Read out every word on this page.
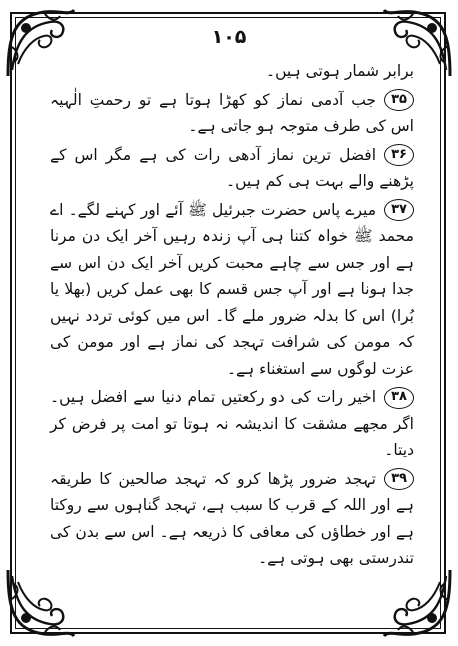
۱۰۵

برابر شمار ہوتی ہیں۔

۳۵جب آدمی نماز کو کھڑا ہوتا ہے تو رحمتِ الٰہیہ اس کی طرف متوجہ ہو جاتی ہے۔

۳۶افضل ترین نماز آدھی رات کی ہے مگر اس کے پڑھنے والے بہت ہی کم ہیں۔

۳۷میرے پاس حضرت جبرئیل ﷺ آئے اور کہنے لگے۔ اے محمد ﷺ خواہ کتنا ہی آپ زندہ رہیں آخر ایک دن مرنا ہے اور جس سے چاہے محبت کریں آخر ایک دن اس سے جدا ہونا ہے اور آپ جس قسم کا بھی عمل کریں (بھلا یا بُرا) اس کا بدلہ ضرور ملے گا۔ اس میں کوئی تردد نہیں کہ مومن کی شرافت تہجد کی نماز ہے اور مومن کی عزت لوگوں سے استغناء ہے۔

۳۸اخیر رات کی دو رکعتیں تمام دنیا سے افضل ہیں۔ اگر مجھے مشقت کا اندیشہ نہ ہوتا تو امت پر فرض کر دیتا۔

۳۹تہجد ضرور پڑھا کرو کہ تہجد صالحین کا طریقہ ہے اور اللہ کے قرب کا سبب ہے، تہجد گناہوں سے روکتا ہے اور خطاؤں کی معافی کا ذریعہ ہے۔ اس سے بدن کی تندرستی بھی ہوتی ہے۔
